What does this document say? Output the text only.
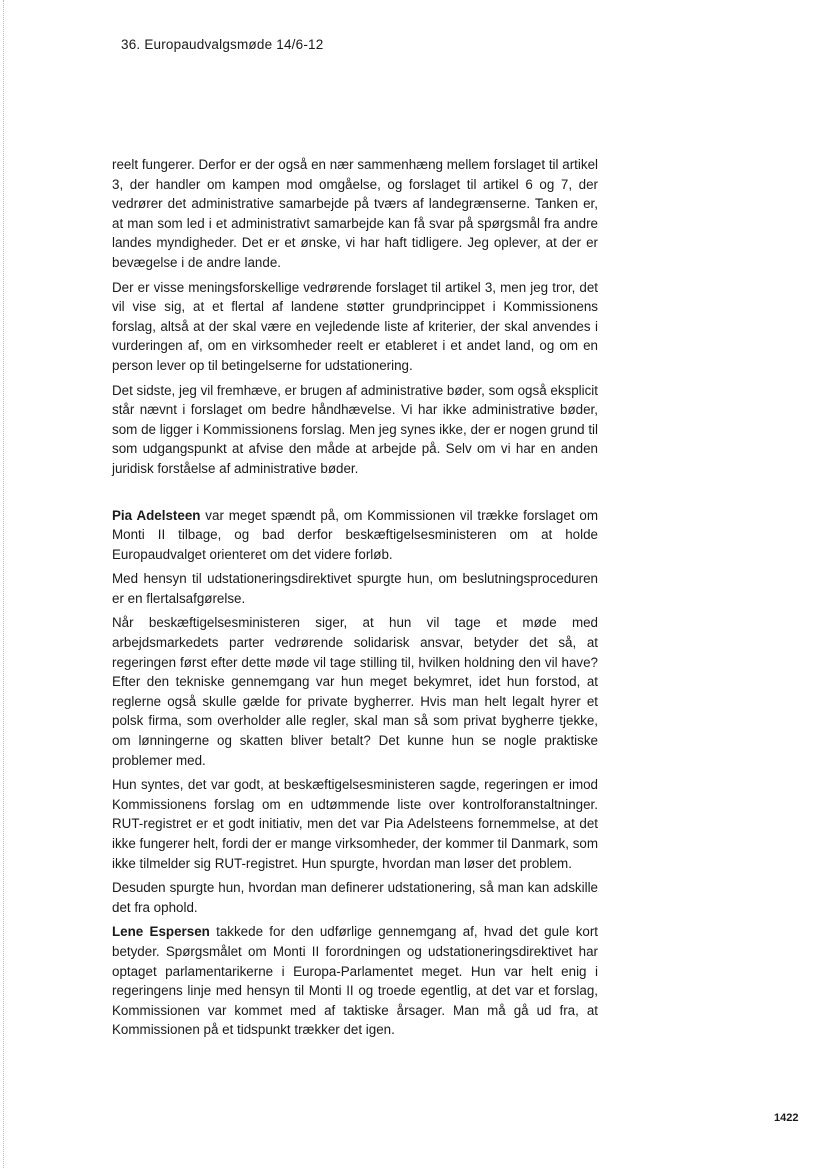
36. Europaudvalgsmøde 14/6-12

reelt fungerer. Derfor er der også en nær sammenhæng mellem forslaget til artikel 3, der handler om kampen mod omgåelse, og forslaget til artikel 6 og 7, der vedrører det administrative samarbejde på tværs af landegrænserne. Tanken er, at man som led i et administrativt samarbejde kan få svar på spørgsmål fra andre landes myndigheder. Det er et ønske, vi har haft tidligere. Jeg oplever, at der er bevægelse i de andre lande.

Der er visse meningsforskellige vedrørende forslaget til artikel 3, men jeg tror, det vil vise sig, at et flertal af landene støtter grundprincippet i Kommissionens forslag, altså at der skal være en vejledende liste af kriterier, der skal anvendes i vurderingen af, om en virksomheder reelt er etableret i et andet land, og om en person lever op til betingelserne for udstationering.

Det sidste, jeg vil fremhæve, er brugen af administrative bøder, som også eksplicit står nævnt i forslaget om bedre håndhævelse. Vi har ikke administrative bøder, som de ligger i Kommissionens forslag. Men jeg synes ikke, der er nogen grund til som udgangspunkt at afvise den måde at arbejde på. Selv om vi har en anden juridisk forståelse af administrative bøder.

Pia Adelsteen var meget spændt på, om Kommissionen vil trække forslaget om Monti II tilbage, og bad derfor beskæftigelsesministeren om at holde Europaudvalget orienteret om det videre forløb.

Med hensyn til udstationeringsdirektivet spurgte hun, om beslutningsproceduren er en flertalsafgørelse.

Når beskæftigelsesministeren siger, at hun vil tage et møde med arbejdsmarkedets parter vedrørende solidarisk ansvar, betyder det så, at regeringen først efter dette møde vil tage stilling til, hvilken holdning den vil have? Efter den tekniske gennemgang var hun meget bekymret, idet hun forstod, at reglerne også skulle gælde for private bygherrer. Hvis man helt legalt hyrer et polsk firma, som overholder alle regler, skal man så som privat bygherre tjekke, om lønningerne og skatten bliver betalt? Det kunne hun se nogle praktiske problemer med.

Hun syntes, det var godt, at beskæftigelsesministeren sagde, regeringen er imod Kommissionens forslag om en udtømmende liste over kontrolforanstaltninger. RUT-registret er et godt initiativ, men det var Pia Adelsteens fornemmelse, at det ikke fungerer helt, fordi der er mange virksomheder, der kommer til Danmark, som ikke tilmelder sig RUT-registret. Hun spurgte, hvordan man løser det problem.

Desuden spurgte hun, hvordan man definerer udstationering, så man kan adskille det fra ophold.

Lene Espersen takkede for den udførlige gennemgang af, hvad det gule kort betyder. Spørgsmålet om Monti II forordningen og udstationeringsdirektivet har optaget parlamentarikerne i Europa-Parlamentet meget. Hun var helt enig i regeringens linje med hensyn til Monti II og troede egentlig, at det var et forslag, Kommissionen var kommet med af taktiske årsager. Man må gå ud fra, at Kommissionen på et tidspunkt trækker det igen.

1422
